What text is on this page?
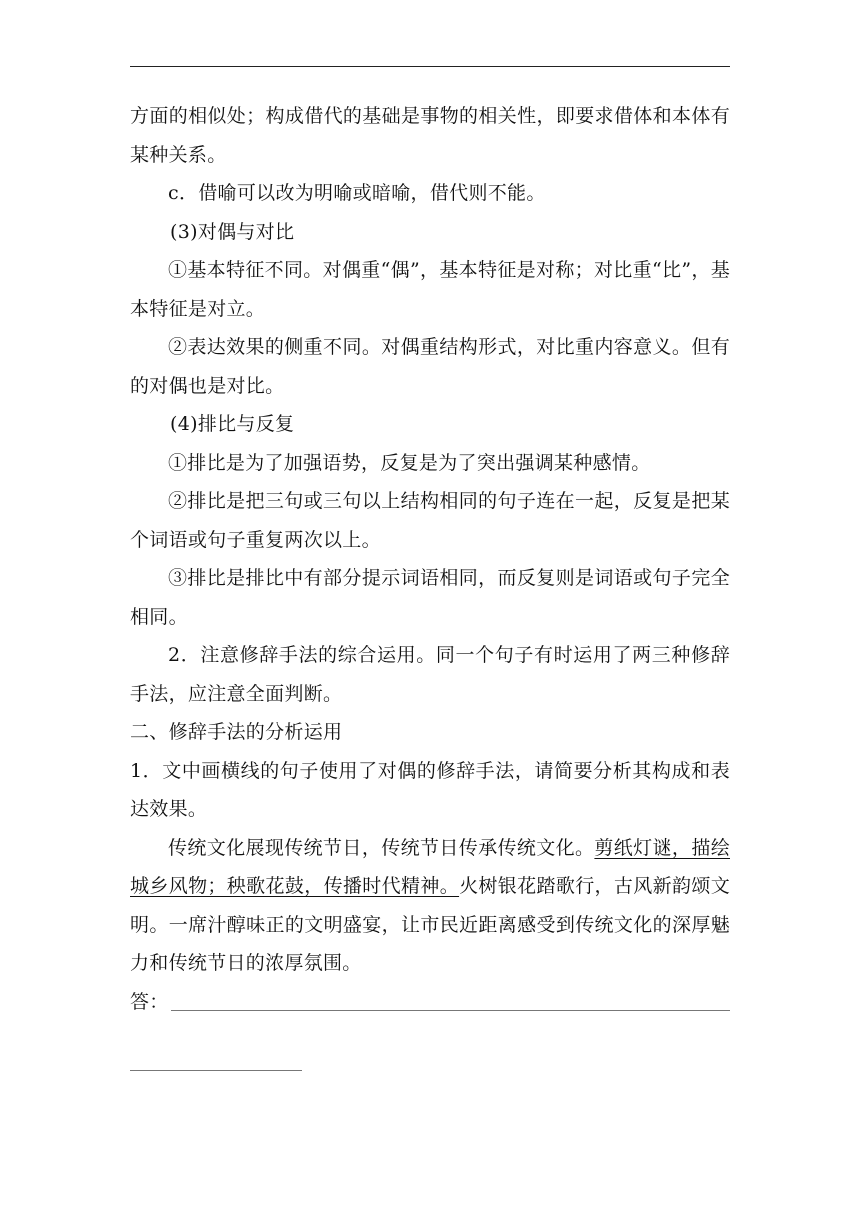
方面的相似处；构成借代的基础是事物的相关性，即要求借体和本体有某种关系。

c．借喻可以改为明喻或暗喻，借代则不能。

(3)对偶与对比

①基本特征不同。对偶重“偶”，基本特征是对称；对比重“比”，基本特征是对立。

②表达效果的侧重不同。对偶重结构形式，对比重内容意义。但有的对偶也是对比。

(4)排比与反复

①排比是为了加强语势，反复是为了突出强调某种感情。

②排比是把三句或三句以上结构相同的句子连在一起，反复是把某个词语或句子重复两次以上。

③排比是排比中有部分提示词语相同，而反复则是词语或句子完全相同。

2．注意修辞手法的综合运用。同一个句子有时运用了两三种修辞手法，应注意全面判断。

二、修辞手法的分析运用

1．文中画横线的句子使用了对偶的修辞手法，请简要分析其构成和表达效果。

传统文化展现传统节日，传统节日传承传统文化。剪纸灯谜，描绘城乡风物；秧歌花鼓，传播时代精神。火树银花踏歌行，古风新韵颂文明。一席汁醇味正的文明盛宴，让市民近距离感受到传统文化的深厚魅力和传统节日的浓厚氛围。

答：
